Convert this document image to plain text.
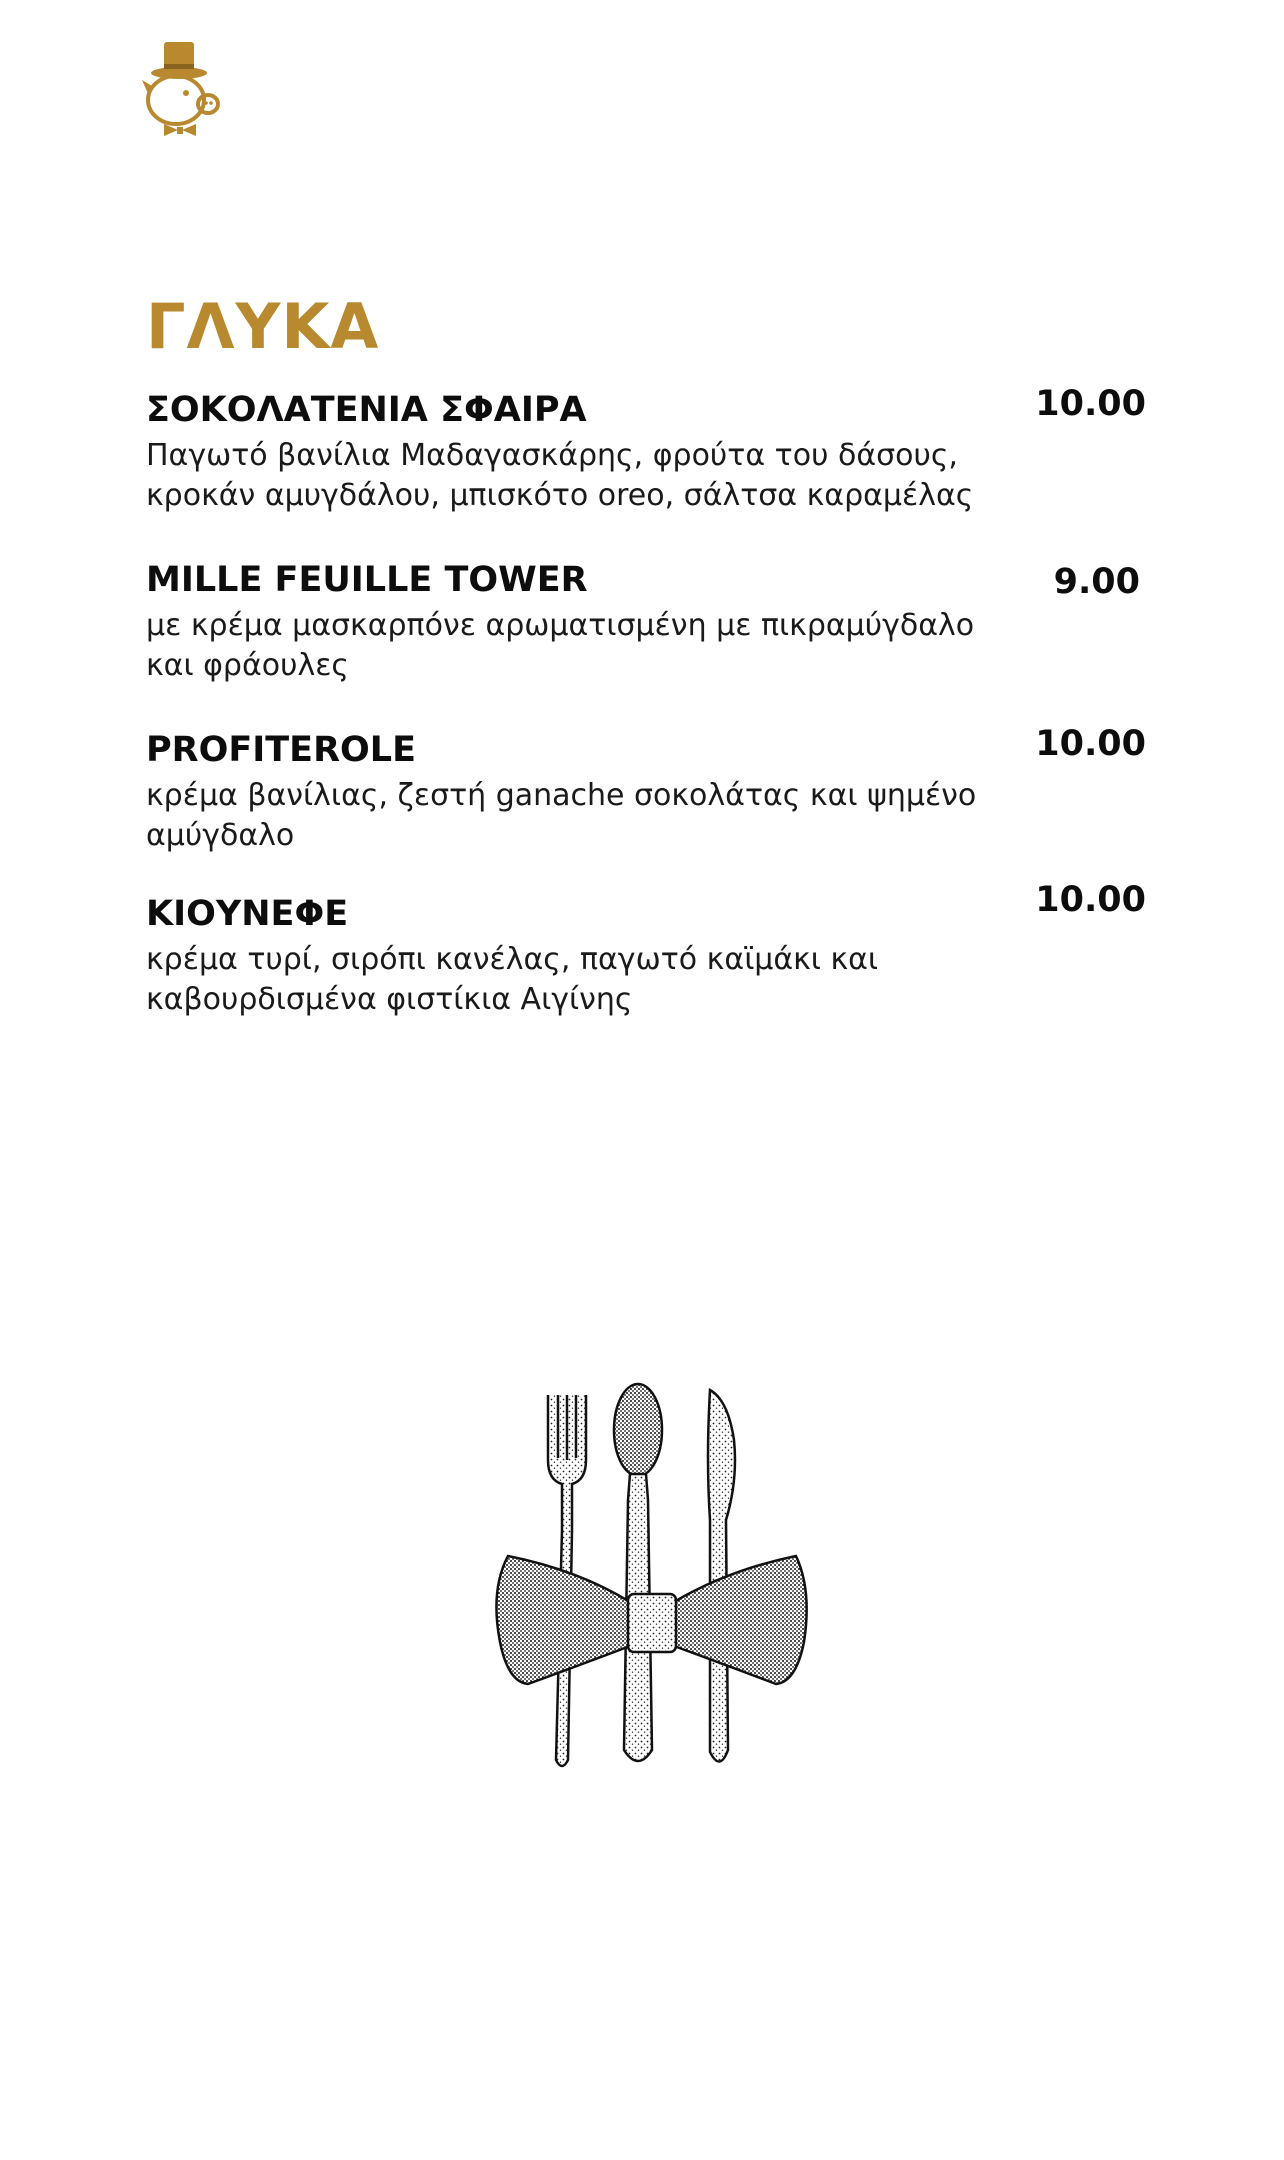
ΓΛΥΚΑ
ΣΟΚΟΛΑΤΕΝΙΑ ΣΦΑΙΡΑ
Παγωτό βανίλια Μαδαγασκάρης, φρούτα του δάσους, κροκάν αμυγδάλου, μπισκότο oreo, σάλτσα καραμέλας
10.00
MILLE FEUILLE TOWER
με κρέμα μασκαρπόνε αρωματισμένη με πικραμύγδαλο και φράουλες
9.00
PROFITEROLE
κρέμα βανίλιας, ζεστή ganache σοκολάτας και ψημένο αμύγδαλο
10.00
ΚΙΟΥΝΕΦΕ
κρέμα τυρί, σιρόπι κανέλας, παγωτό καϊμάκι και καβουρδισμένα φιστίκια Αιγίνης
10.00
